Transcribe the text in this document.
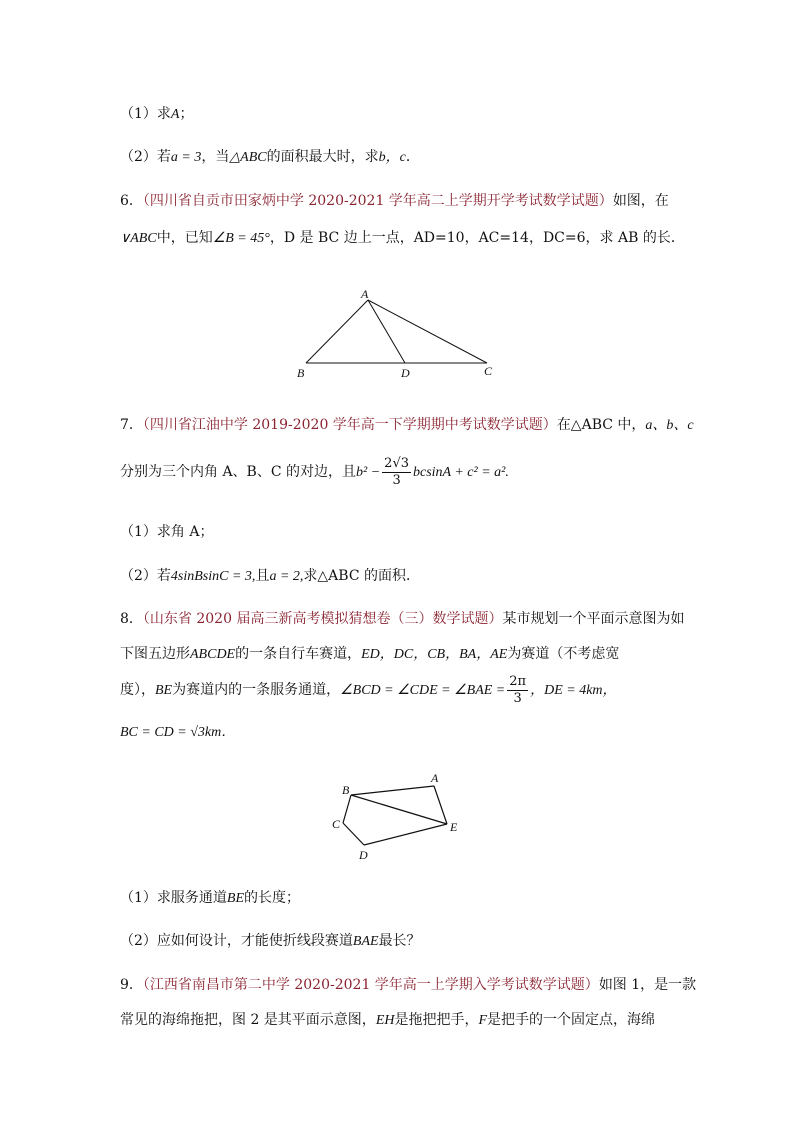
（1）求A；
（2）若a = 3，当△ABC的面积最大时，求b，c．
6．（四川省自贡市田家炳中学 2020-2021 学年高二上学期开学考试数学试题）如图，在
∨ABC中，已知∠B = 45°，D 是 BC 边上一点，AD=10，AC=14，DC=6，求 AB 的长．
A
B	D	C
7．（四川省江油中学 2019-2020 学年高一下学期期中考试数学试题）在△ABC 中，a、b、c
分别为三个内角 A、B、C 的对边，且$b^2 - \frac{2√3}{3}$ bcsinA + c² = a².
（1）求角 A；
（2）若4sinBsinC = 3,且a = 2,求△ABC 的面积．
8．（山东省 2020 届高三新高考模拟猜想卷（三）数学试题）某市规划一个平面示意图为如
下图五边形ABCDE的一条自行车赛道，ED，DC，CB，BA，AE为赛道（不考虑宽
度），BE为赛道内的一条服务通道，∠BCD = ∠CDE = ∠BAE = $\frac{2\pi}{3}$ ，DE = 4km，
BC = CD = √3km．
A
B
C
D
E
（1）求服务通道BE的长度；
（2）应如何设计，才能使折线段赛道BAE最长？
9．（江西省南昌市第二中学 2020-2021 学年高一上学期入学考试数学试题）如图 1，是一款
常见的海绵拖把，图 2 是其平面示意图，EH是拖把把手，F是把手的一个固定点，海绵
